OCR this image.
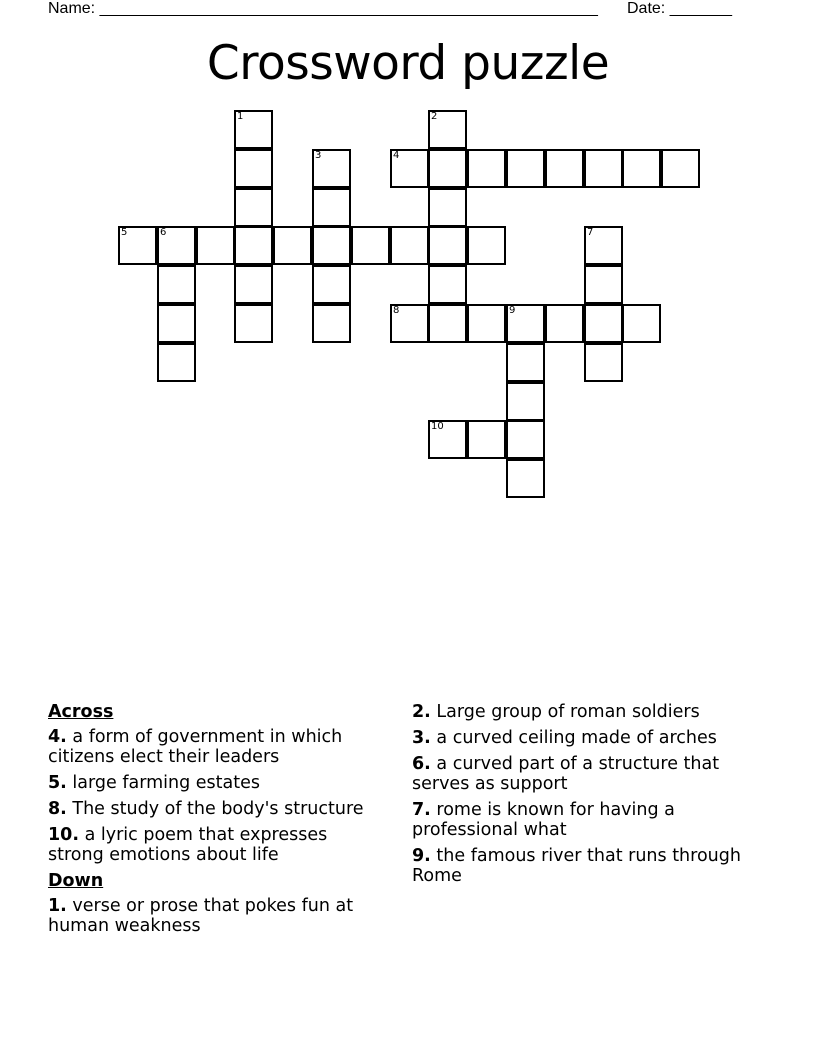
Name: ________________________________________________________ Date: _______
Crossword puzzle
1	2
3	4
5	6	7
8	9
10
Across
4. a form of government in which citizens elect their leaders
5. large farming estates
8. The study of the body's structure
10. a lyric poem that expresses strong emotions about life
Down
1. verse or prose that pokes fun at human weakness
2. Large group of roman soldiers
3. a curved ceiling made of arches
6. a curved part of a structure that serves as support
7. rome is known for having a professional what
9. the famous river that runs through Rome
